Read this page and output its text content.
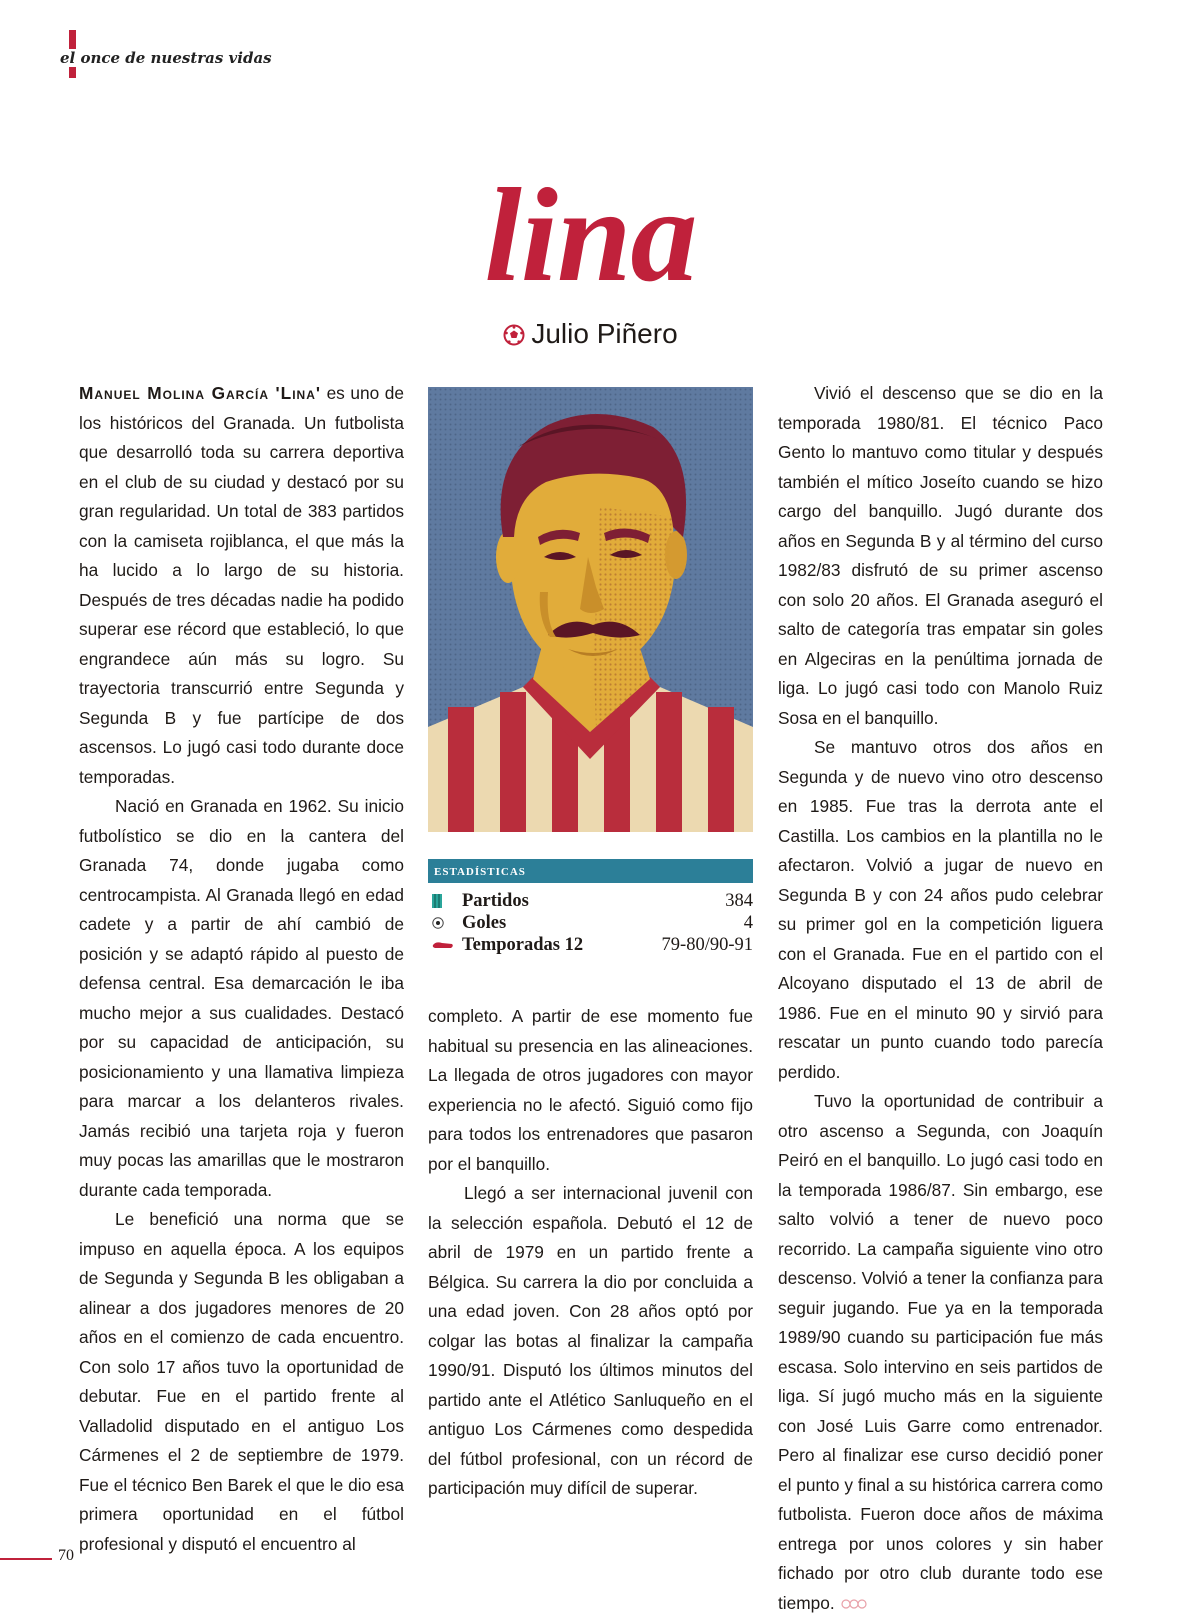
el once de nuestras vidas
lina
Julio Piñero

Manuel Molina García 'Lina' es uno de los históricos del Granada. Un futbolista que desarrolló toda su carrera deportiva en el club de su ciudad y destacó por su gran regularidad. Un total de 383 partidos con la camiseta rojiblanca, el que más la ha lucido a lo largo de su historia. Después de tres décadas nadie ha podido superar ese récord que estableció, lo que engrandece aún más su logro. Su trayectoria transcurrió entre Segunda y Segunda B y fue partícipe de dos ascensos. Lo jugó casi todo durante doce temporadas.

Nació en Granada en 1962. Su inicio futbolístico se dio en la cantera del Granada 74, donde jugaba como centrocampista. Al Granada llegó en edad cadete y a partir de ahí cambió de posición y se adaptó rápido al puesto de defensa central. Esa demarcación le iba mucho mejor a sus cualidades. Destacó por su capacidad de anticipación, su posicionamiento y una llamativa limpieza para marcar a los delanteros rivales. Jamás recibió una tarjeta roja y fueron muy pocas las amarillas que le mostraron durante cada temporada.

Le benefició una norma que se impuso en aquella época. A los equipos de Segunda y Segunda B les obligaban a alinear a dos jugadores menores de 20 años en el comienzo de cada encuentro. Con solo 17 años tuvo la oportunidad de debutar. Fue en el partido frente al Valladolid disputado en el antiguo Los Cármenes el 2 de septiembre de 1979. Fue el técnico Ben Barek el que le dio esa primera oportunidad en el fútbol profesional y disputó el encuentro al

estadísticas
Partidos	384
Goles	4
Temporadas 12	79-80/90-91

completo. A partir de ese momento fue habitual su presencia en las alineaciones. La llegada de otros jugadores con mayor experiencia no le afectó. Siguió como fijo para todos los entrenadores que pasaron por el banquillo.

Llegó a ser internacional juvenil con la selección española. Debutó el 12 de abril de 1979 en un partido frente a Bélgica. Su carrera la dio por concluida a una edad joven. Con 28 años optó por colgar las botas al finalizar la campaña 1990/91. Disputó los últimos minutos del partido ante el Atlético Sanluqueño en el antiguo Los Cármenes como despedida del fútbol profesional, con un récord de participación muy difícil de superar.

Vivió el descenso que se dio en la temporada 1980/81. El técnico Paco Gento lo mantuvo como titular y después también el mítico Joseíto cuando se hizo cargo del banquillo. Jugó durante dos años en Segunda B y al término del curso 1982/83 disfrutó de su primer ascenso con solo 20 años. El Granada aseguró el salto de categoría tras empatar sin goles en Algeciras en la penúltima jornada de liga. Lo jugó casi todo con Manolo Ruiz Sosa en el banquillo.

Se mantuvo otros dos años en Segunda y de nuevo vino otro descenso en 1985. Fue tras la derrota ante el Castilla. Los cambios en la plantilla no le afectaron. Volvió a jugar de nuevo en Segunda B y con 24 años pudo celebrar su primer gol en la competición liguera con el Granada. Fue en el partido con el Alcoyano disputado el 13 de abril de 1986. Fue en el minuto 90 y sirvió para rescatar un punto cuando todo parecía perdido.

Tuvo la oportunidad de contribuir a otro ascenso a Segunda, con Joaquín Peiró en el banquillo. Lo jugó casi todo en la temporada 1986/87. Sin embargo, ese salto volvió a tener de nuevo poco recorrido. La campaña siguiente vino otro descenso. Volvió a tener la confianza para seguir jugando. Fue ya en la temporada 1989/90 cuando su participación fue más escasa. Solo intervino en seis partidos de liga. Sí jugó mucho más en la siguiente con José Luis Garre como entrenador. Pero al finalizar ese curso decidió poner el punto y final a su histórica carrera como futbolista. Fueron doce años de máxima entrega por unos colores y sin haber fichado por otro club durante todo ese tiempo.

70
